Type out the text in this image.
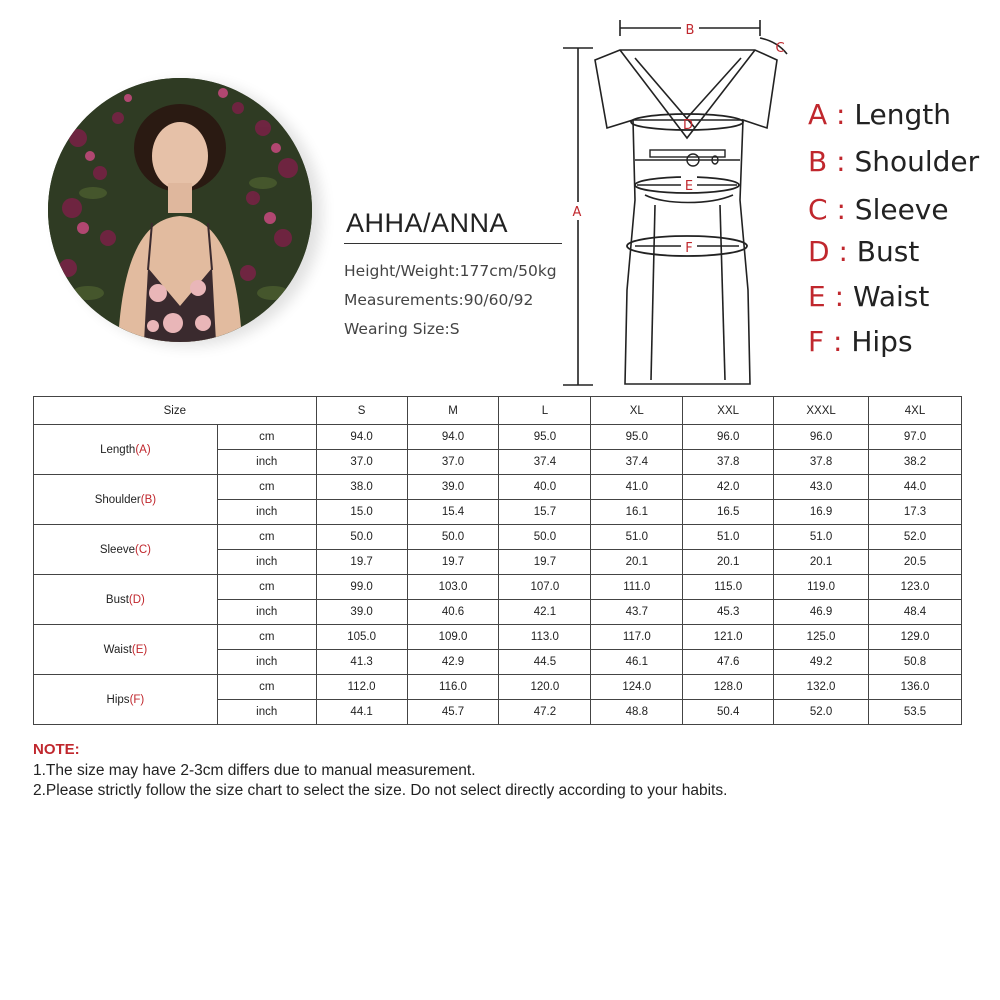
AHHA/ANNA
Height/Weight:177cm/50kg
Measurements:90/60/92
Wearing Size:S
A
B
C
D
E
F
A : Length
B : Shoulder
C : Sleeve
D : Bust
E : Waist
F : Hips
Size		S	M	L	XL	XXL	XXXL	4XL
Length(A)	cm	94.0	94.0	95.0	95.0	96.0	96.0	97.0
	inch	37.0	37.0	37.4	37.4	37.8	37.8	38.2
Shoulder(B)	cm	38.0	39.0	40.0	41.0	42.0	43.0	44.0
	inch	15.0	15.4	15.7	16.1	16.5	16.9	17.3
Sleeve(C)	cm	50.0	50.0	50.0	51.0	51.0	51.0	52.0
	inch	19.7	19.7	19.7	20.1	20.1	20.1	20.5
Bust(D)	cm	99.0	103.0	107.0	111.0	115.0	119.0	123.0
	inch	39.0	40.6	42.1	43.7	45.3	46.9	48.4
Waist(E)	cm	105.0	109.0	113.0	117.0	121.0	125.0	129.0
	inch	41.3	42.9	44.5	46.1	47.6	49.2	50.8
Hips(F)	cm	112.0	116.0	120.0	124.0	128.0	132.0	136.0
	inch	44.1	45.7	47.2	48.8	50.4	52.0	53.5
NOTE:
1.The size may have 2-3cm differs due to manual measurement.
2.Please strictly follow the size chart to select the size. Do not select directly according to your habits.
